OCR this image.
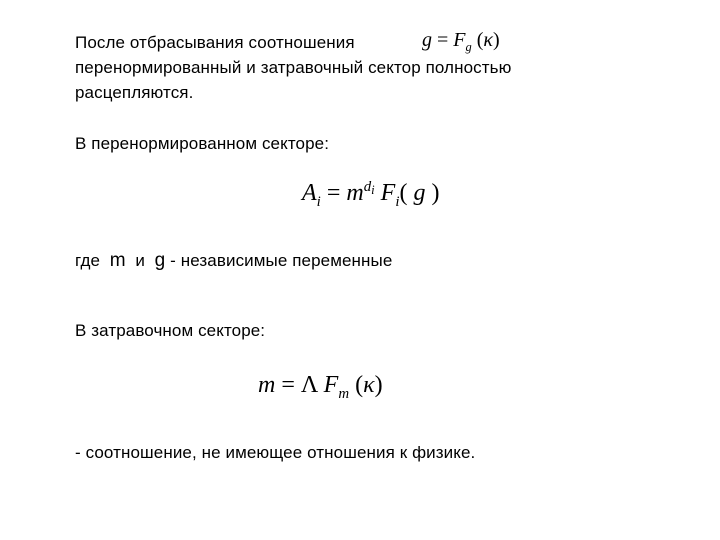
После отбрасывания соотношения	$g = F_g$ (κ)
перенормированный и затравочный сектор полностью
расцепляются.
В перенормированном секторе:
$A_i = m^{d_i}$ $F_i$( g )
где m и g - независимые переменные
В затравочном секторе:
m = Λ $F_m$ (κ)
- соотношение, не имеющее отношения к физике.
